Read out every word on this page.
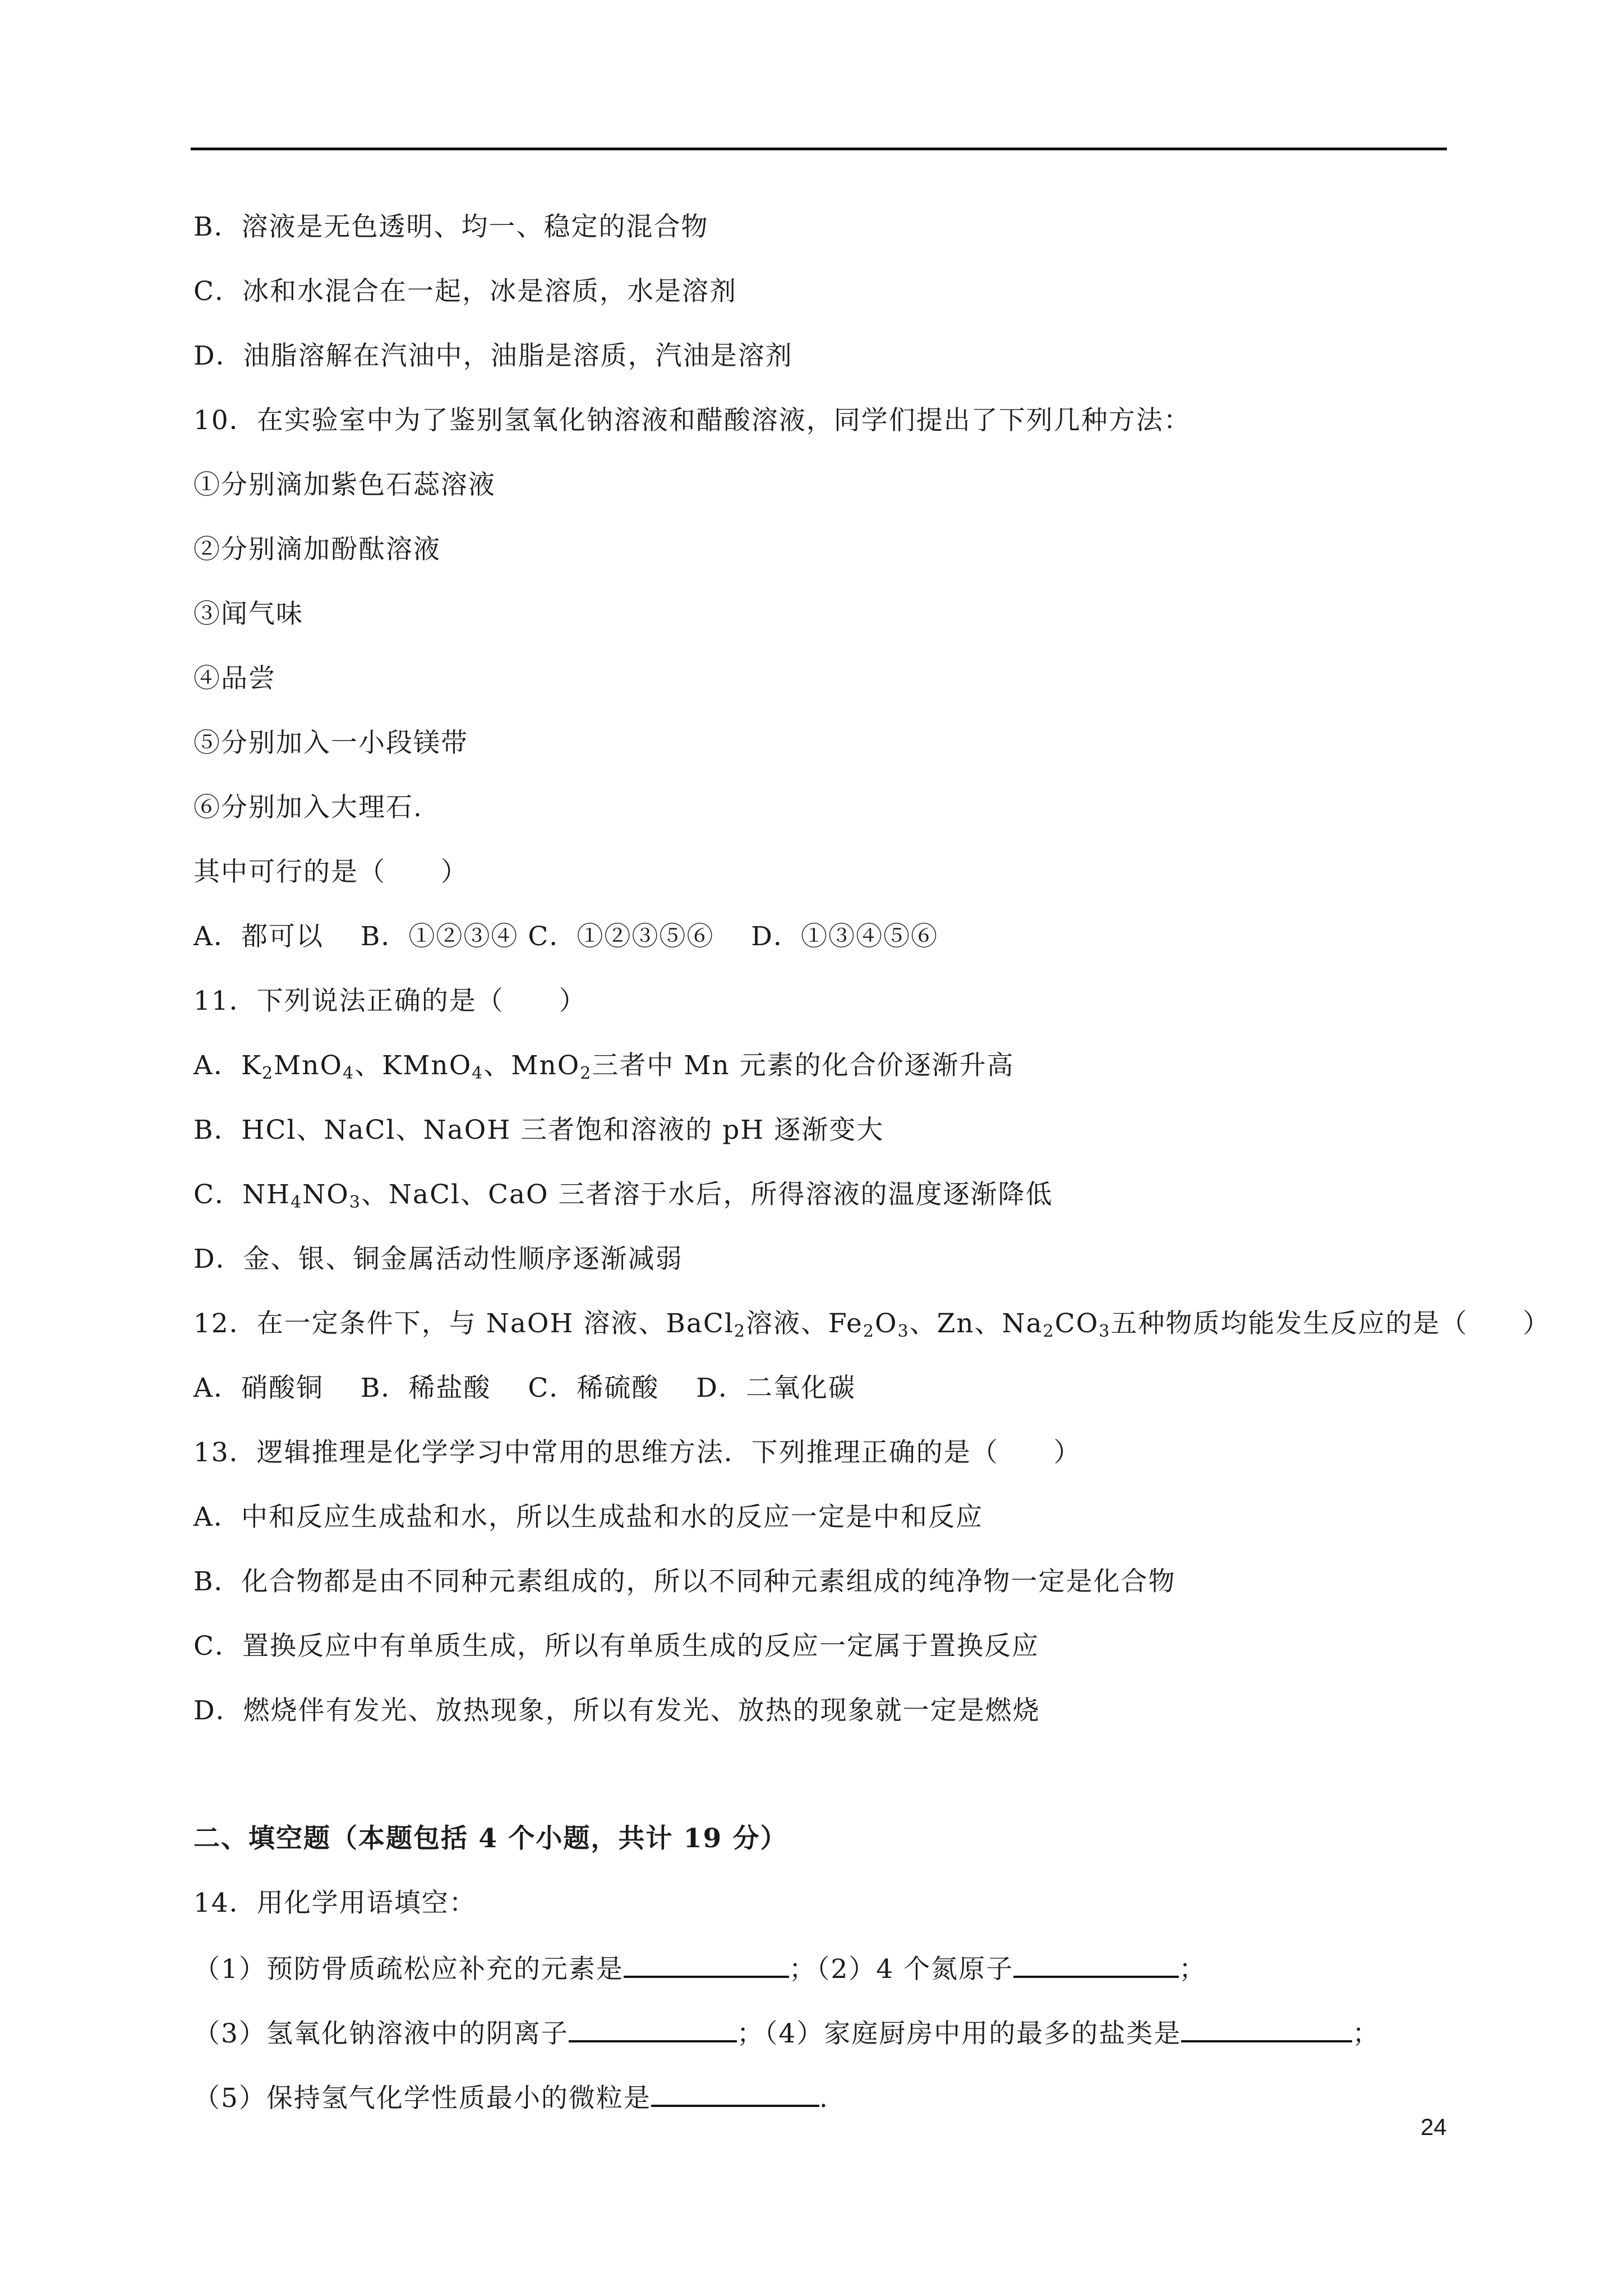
B．溶液是无色透明、均一、稳定的混合物
C．冰和水混合在一起，冰是溶质，水是溶剂
D．油脂溶解在汽油中，油脂是溶质，汽油是溶剂
10．在实验室中为了鉴别氢氧化钠溶液和醋酸溶液，同学们提出了下列几种方法：
①分别滴加紫色石蕊溶液
②分别滴加酚酞溶液
③闻气味
④品尝
⑤分别加入一小段镁带
⑥分别加入大理石.
其中可行的是（　　）
A．都可以　 B．①②③④ C．①②③⑤⑥　 D．①③④⑤⑥
11．下列说法正确的是（　　）
A．$K_2MnO_4$、KMnO$_4$、MnO$_2$三者中 Mn 元素的化合价逐渐升高
B．HCl、NaCl、NaOH 三者饱和溶液的 pH 逐渐变大
C．$NH_4NO_3$、NaCl、CaO 三者溶于水后，所得溶液的温度逐渐降低
D．金、银、铜金属活动性顺序逐渐减弱
12．在一定条件下，与 NaOH 溶液、BaCl$_2$溶液、$Fe_2O_3$、Zn、$Na_2CO_3$五种物质均能发生反应的是（　　）
A．硝酸铜　 B．稀盐酸　 C．稀硫酸　 D．二氧化碳
13．逻辑推理是化学学习中常用的思维方法．下列推理正确的是（　　）
A．中和反应生成盐和水，所以生成盐和水的反应一定是中和反应
B．化合物都是由不同种元素组成的，所以不同种元素组成的纯净物一定是化合物
C．置换反应中有单质生成，所以有单质生成的反应一定属于置换反应
D．燃烧伴有发光、放热现象，所以有发光、放热的现象就一定是燃烧
二、填空题（本题包括 4 个小题，共计 19 分）
14．用化学用语填空：
（1）预防骨质疏松应补充的元素是	；（2）4 个氮原子	；
（3）氢氧化钠溶液中的阴离子	；（4）家庭厨房中用的最多的盐类是	；
（5）保持氢气化学性质最小的微粒是	.
24
